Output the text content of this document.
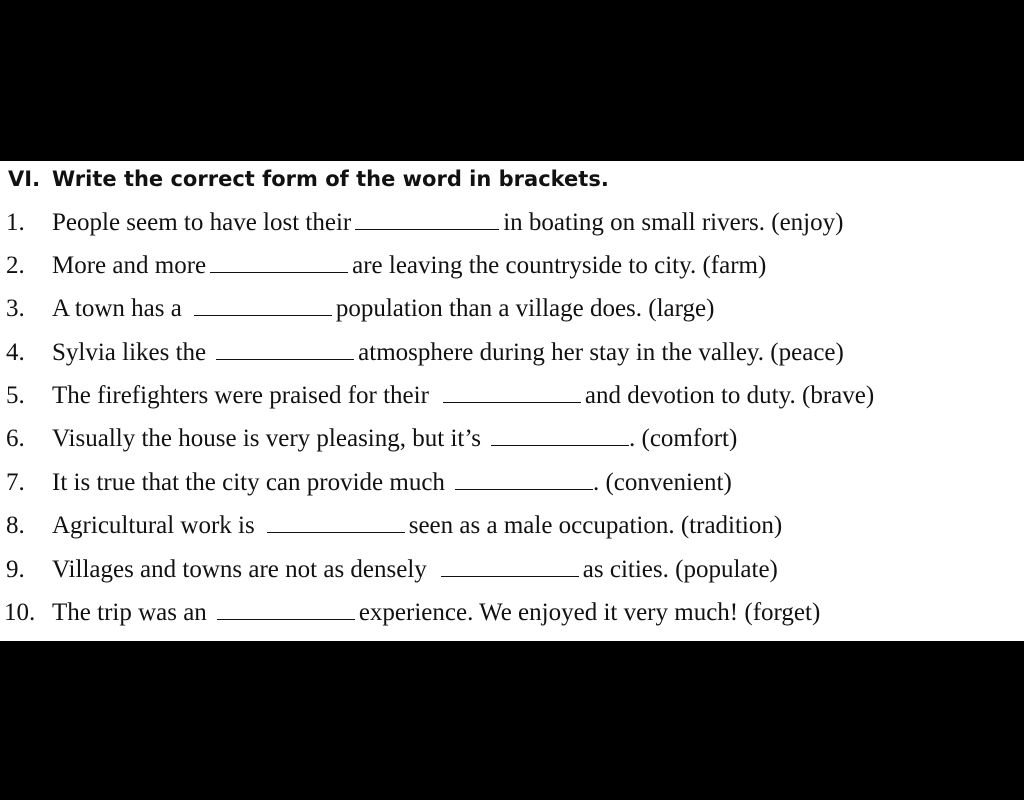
VI. Write the correct form of the word in brackets.
1.	People seem to have lost their	in boating on small rivers. (enjoy)
2.	More and more	are leaving the countryside to city. (farm)
3.	A town has a	population than a village does. (large)
4.	Sylvia likes the	atmosphere during her stay in the valley. (peace)
5.	The firefighters were praised for their	and devotion to duty. (brave)
6.	Visually the house is very pleasing, but it’s	. (comfort)
7.	It is true that the city can provide much	. (convenient)
8.	Agricultural work is	seen as a male occupation. (tradition)
9.	Villages and towns are not as densely	as cities. (populate)
10. The trip was an	experience. We enjoyed it very much! (forget)
